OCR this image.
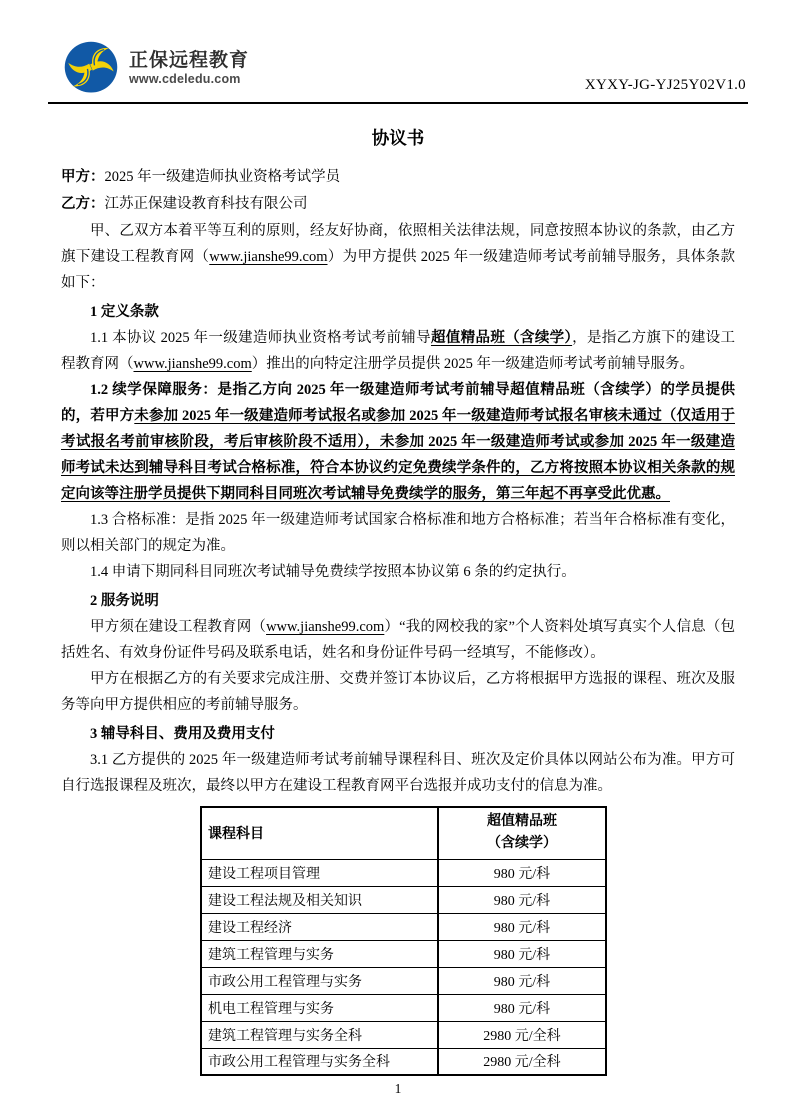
正保远程教育
www.cdeledu.com	XYXY-JG-YJ25Y02V1.0
协议书
甲方：2025 年一级建造师执业资格考试学员
乙方：江苏正保建设教育科技有限公司

甲、乙双方本着平等互利的原则，经友好协商，依照相关法律法规，同意按照本协议的条款，由乙方旗下建设工程教育网（www.jianshe99.com）为甲方提供 2025 年一级建造师考试考前辅导服务，具体条款如下：

1 定义条款

1.1 本协议 2025 年一级建造师执业资格考试考前辅导超值精品班（含续学），是指乙方旗下的建设工程教育网（www.jianshe99.com）推出的向特定注册学员提供 2025 年一级建造师考试考前辅导服务。

1.2 续学保障服务：是指乙方向 2025 年一级建造师考试考前辅导超值精品班（含续学）的学员提供的，若甲方未参加 2025 年一级建造师考试报名或参加 2025 年一级建造师考试报名审核未通过（仅适用于考试报名考前审核阶段，考后审核阶段不适用），未参加 2025 年一级建造师考试或参加 2025 年一级建造师考试未达到辅导科目考试合格标准，符合本协议约定免费续学条件的，乙方将按照本协议相关条款的规定向该等注册学员提供下期同科目同班次考试辅导免费续学的服务，第三年起不再享受此优惠。

1.3 合格标准：是指 2025 年一级建造师考试国家合格标准和地方合格标准；若当年合格标准有变化，则以相关部门的规定为准。

1.4 申请下期同科目同班次考试辅导免费续学按照本协议第 6 条的约定执行。

2 服务说明

甲方须在建设工程教育网（www.jianshe99.com）“我的网校我的家”个人资料处填写真实个人信息（包括姓名、有效身份证件号码及联系电话，姓名和身份证件号码一经填写，不能修改）。

甲方在根据乙方的有关要求完成注册、交费并签订本协议后，乙方将根据甲方选报的课程、班次及服务等向甲方提供相应的考前辅导服务。

3 辅导科目、费用及费用支付

3.1 乙方提供的 2025 年一级建造师考试考前辅导课程科目、班次及定价具体以网站公布为准。甲方可自行选报课程及班次，最终以甲方在建设工程教育网平台选报并成功支付的信息为准。

课程科目	超值精品班
（含续学）

建设工程项目管理	980 元/科
建设工程法规及相关知识	980 元/科
建设工程经济	980 元/科
建筑工程管理与实务	980 元/科
市政公用工程管理与实务	980 元/科
机电工程管理与实务	980 元/科
建筑工程管理与实务全科	2980 元/全科
市政公用工程管理与实务全科	2980 元/全科
1
